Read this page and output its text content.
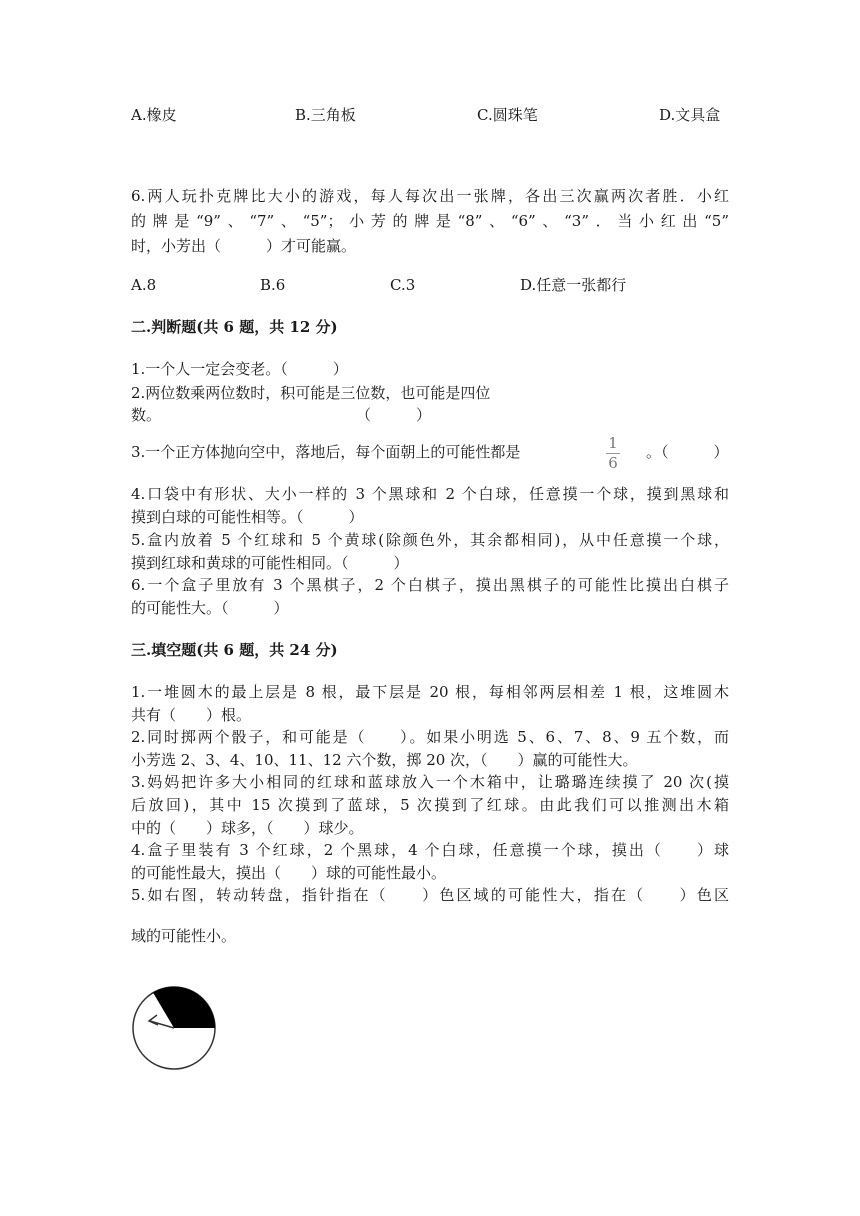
A.橡皮	B.三角板	C.圆珠笔	D.文具盒
6.两人玩扑克牌比大小的游戏，每人每次出一张牌，各出三次赢两次者胜．小红
的牌是“9”、“7”、“5”；小芳的牌是“8”、“6”、“3”．当小红出“5”
时，小芳出（　　　）才可能赢。
A.8	B.6	C.3	D.任意一张都行
二.判断题(共 6 题，共 12 分)
1.一个人一定会变老。（　　　）
2.两位数乘两位数时，积可能是三位数，也可能是四位
数。　　　　　　　　　　　　　　（　　　）
3.一个正方体抛向空中，落地后，每个面朝上的可能性都是	1
6
。（　　　）
4.口袋中有形状、大小一样的 3 个黑球和 2 个白球，任意摸一个球，摸到黑球和
摸到白球的可能性相等。（　　　）
5.盒内放着 5 个红球和 5 个黄球(除颜色外，其余都相同)，从中任意摸一个球，
摸到红球和黄球的可能性相同。（　　　）
6.一个盒子里放有 3 个黑棋子，2 个白棋子，摸出黑棋子的可能性比摸出白棋子
的可能性大。（　　　）
三.填空题(共 6 题，共 24 分)
1.一堆圆木的最上层是 8 根，最下层是 20 根，每相邻两层相差 1 根，这堆圆木
共有（　　）根。
2.同时掷两个骰子，和可能是（　　）。如果小明选 5、6、7、8、9 五个数，而
小芳选 2、3、4、10、11、12 六个数，掷 20 次，（　　）赢的可能性大。
3.妈妈把许多大小相同的红球和蓝球放入一个木箱中，让璐璐连续摸了 20 次(摸
后放回)，其中 15 次摸到了蓝球，5 次摸到了红球。由此我们可以推测出木箱
中的（　　）球多，（　　）球少。
4.盒子里装有 3 个红球，2 个黑球，4 个白球，任意摸一个球，摸出（　　）球
的可能性最大，摸出（　　）球的可能性最小。
5.如右图，转动转盘，指针指在（　　）色区域的可能性大，指在（　　）色区
域的可能性小。
